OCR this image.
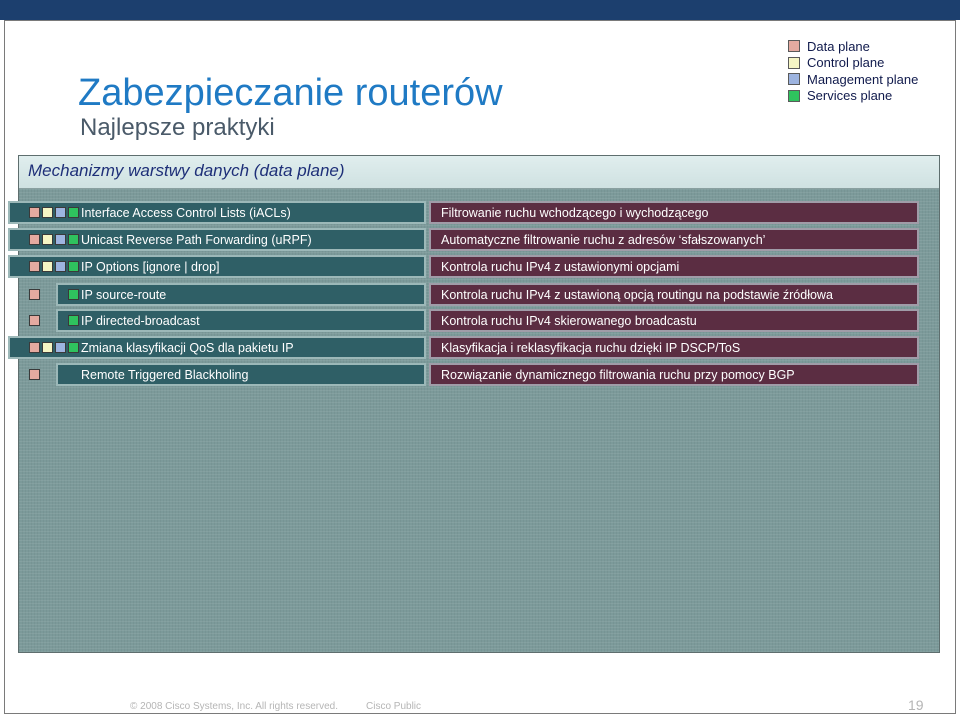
Zabezpieczanie routerów
Najlepsze praktyki
Data plane
Control plane
Management plane
Services plane
Mechanizmy warstwy danych (data plane)
Interface Access Control Lists (iACLs)	Filtrowanie ruchu wchodzącego i wychodzącego
Unicast Reverse Path Forwarding (uRPF)	Automatyczne filtrowanie ruchu z adresów ‘sfałszowanych’
IP Options [ignore | drop]	Kontrola ruchu IPv4 z ustawionymi opcjami
IP source-route	Kontrola ruchu IPv4 z ustawioną opcją routingu na podstawie źródłowa
IP directed-broadcast	Kontrola ruchu IPv4 skierowanego broadcastu
Zmiana klasyfikacji QoS dla pakietu IP	Klasyfikacja i reklasyfikacja ruchu dzięki IP DSCP/ToS
Remote Triggered Blackholing	Rozwiązanie dynamicznego filtrowania ruchu przy pomocy BGP
© 2008 Cisco Systems, Inc. All rights reserved.	Cisco Public	19
